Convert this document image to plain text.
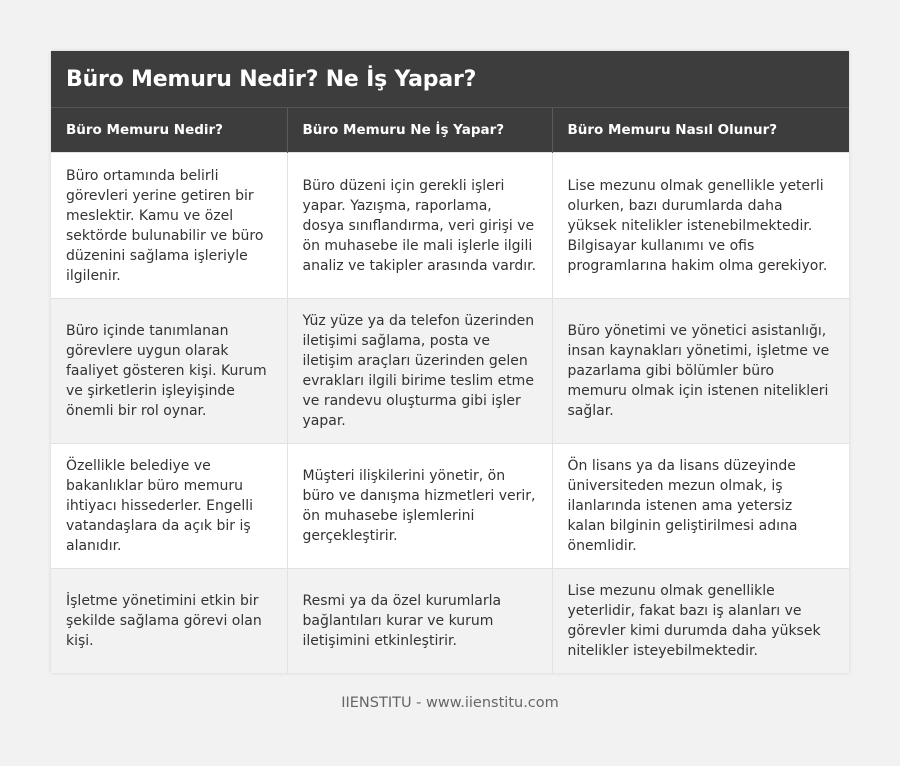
Büro Memuru Nedir? Ne İş Yapar?
Büro Memuru Nedir?	Büro Memuru Ne İş Yapar?	Büro Memuru Nasıl Olunur?
Büro ortamında belirli görevleri yerine getiren bir meslektir. Kamu ve özel sektörde bulunabilir ve büro düzenini sağlama işleriyle ilgilenir.	Büro düzeni için gerekli işleri yapar. Yazışma, raporlama, dosya sınıflandırma, veri girişi ve ön muhasebe ile mali işlerle ilgili analiz ve takipler arasında vardır.	Lise mezunu olmak genellikle yeterli olurken, bazı durumlarda daha yüksek nitelikler istenebilmektedir. Bilgisayar kullanımı ve ofis programlarına hakim olma gerekiyor.
Büro içinde tanımlanan görevlere uygun olarak faaliyet gösteren kişi. Kurum ve şirketlerin işleyişinde önemli bir rol oynar.	Yüz yüze ya da telefon üzerinden iletişimi sağlama, posta ve iletişim araçları üzerinden gelen evrakları ilgili birime teslim etme ve randevu oluşturma gibi işler yapar.	Büro yönetimi ve yönetici asistanlığı, insan kaynakları yönetimi, işletme ve pazarlama gibi bölümler büro memuru olmak için istenen nitelikleri sağlar.
Özellikle belediye ve bakanlıklar büro memuru ihtiyacı hissederler. Engelli vatandaşlara da açık bir iş alanıdır.	Müşteri ilişkilerini yönetir, ön büro ve danışma hizmetleri verir, ön muhasebe işlemlerini gerçekleştirir.	Ön lisans ya da lisans düzeyinde üniversiteden mezun olmak, iş ilanlarında istenen ama yetersiz kalan bilginin geliştirilmesi adına önemlidir.
İşletme yönetimini etkin bir şekilde sağlama görevi olan kişi.	Resmi ya da özel kurumlarla bağlantıları kurar ve kurum iletişimini etkinleştirir.	Lise mezunu olmak genellikle yeterlidir, fakat bazı iş alanları ve görevler kimi durumda daha yüksek nitelikler isteyebilmektedir.
IIENSTITU - www.iienstitu.com
